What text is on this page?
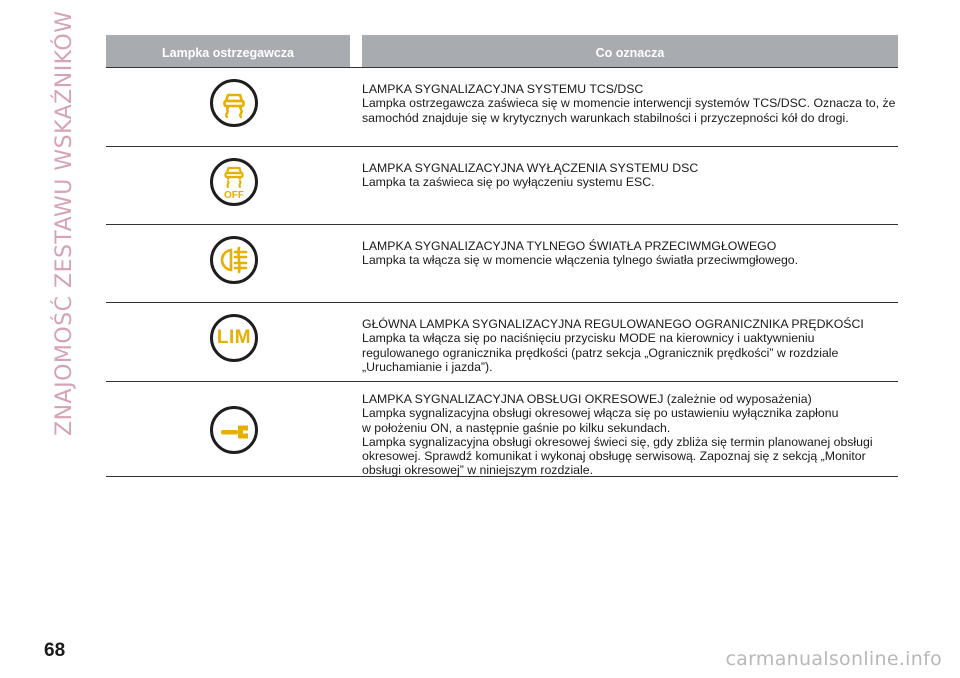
ZNAJOMOŚĆ ZESTAWU WSKAŹNIKÓW	Lampka ostrzegawcza	Co oznacza

LAMPKA SYGNALIZACYJNA SYSTEMU TCS/DSC
Lampka ostrzegawcza zaświeca się w momencie interwencji systemów TCS/DSC. Oznacza to, że samochód znajduje się w krytycznych warunkach stabilności i przyczepności kół do drogi.

OFF

LAMPKA SYGNALIZACYJNA WYŁĄCZENIA SYSTEMU DSC
Lampka ta zaświeca się po wyłączeniu systemu ESC.

LAMPKA SYGNALIZACYJNA TYLNEGO ŚWIATŁA PRZECIWMGŁOWEGO
Lampka ta włącza się w momencie włączenia tylnego światła przeciwmgłowego.

LIM

GŁÓWNA LAMPKA SYGNALIZACYJNA REGULOWANEGO OGRANICZNIKA PRĘDKOŚCI
Lampka ta włącza się po naciśnięciu przycisku MODE na kierownicy i uaktywnieniu
regulowanego ogranicznika prędkości (patrz sekcja „Ogranicznik prędkości” w rozdziale
„Uruchamianie i jazda”).

LAMPKA SYGNALIZACYJNA OBSŁUGI OKRESOWEJ (zależnie od wyposażenia)
Lampka sygnalizacyjna obsługi okresowej włącza się po ustawieniu wyłącznika zapłonu
w położeniu ON, a następnie gaśnie po kilku sekundach.
Lampka sygnalizacyjna obsługi okresowej świeci się, gdy zbliża się termin planowanej obsługi
okresowej. Sprawdź komunikat i wykonaj obsługę serwisową. Zapoznaj się z sekcją „Monitor
obsługi okresowej” w niniejszym rozdziale.

68	carmanualsonline.info
